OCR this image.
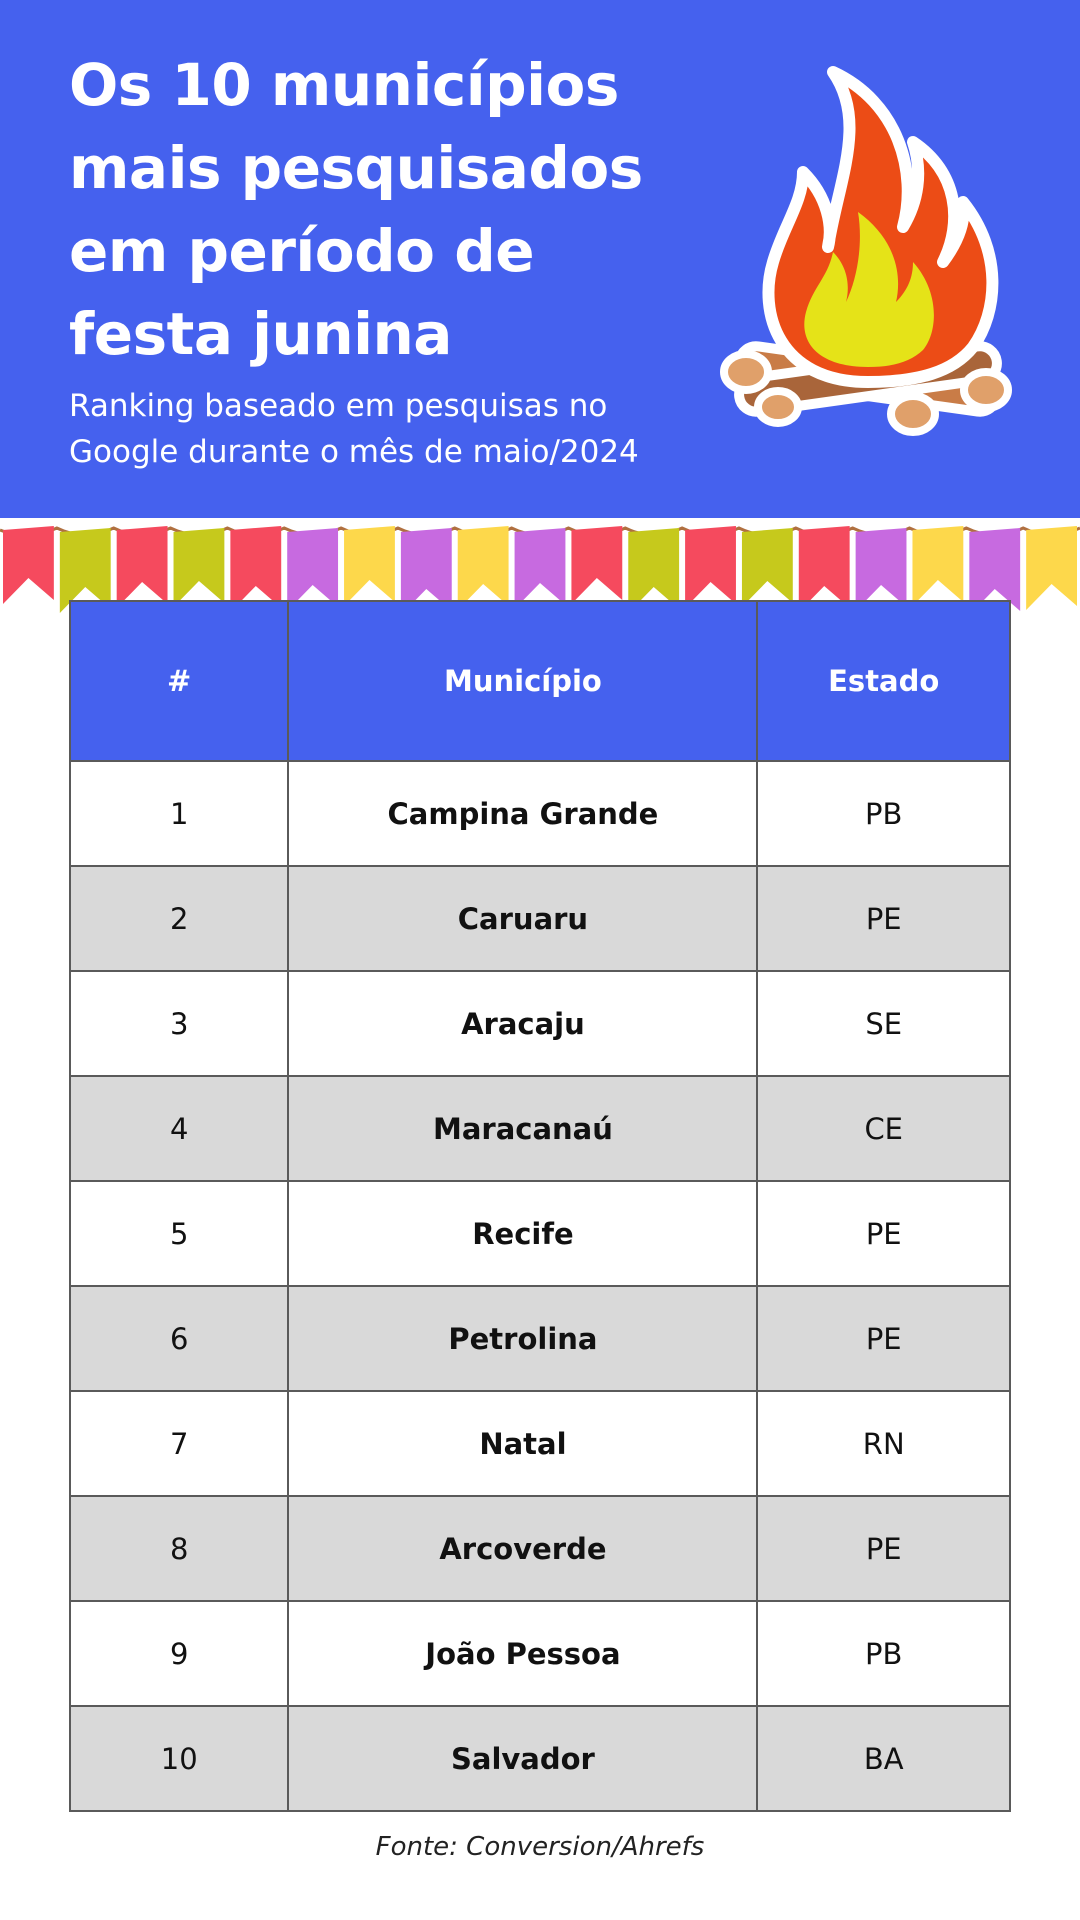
Os 10 municípios mais pesquisados em período de festa junina

Ranking baseado em pesquisas no Google durante o mês de maio/2024

#	Município	Estado
1	Campina Grande	PB
2	Caruaru	PE
3	Aracaju	SE
4	Maracanaú	CE
5	Recife	PE
6	Petrolina	PE
7	Natal	RN
8	Arcoverde	PE
9	João Pessoa	PB
10	Salvador	BA
Fonte: Conversion/Ahrefs
